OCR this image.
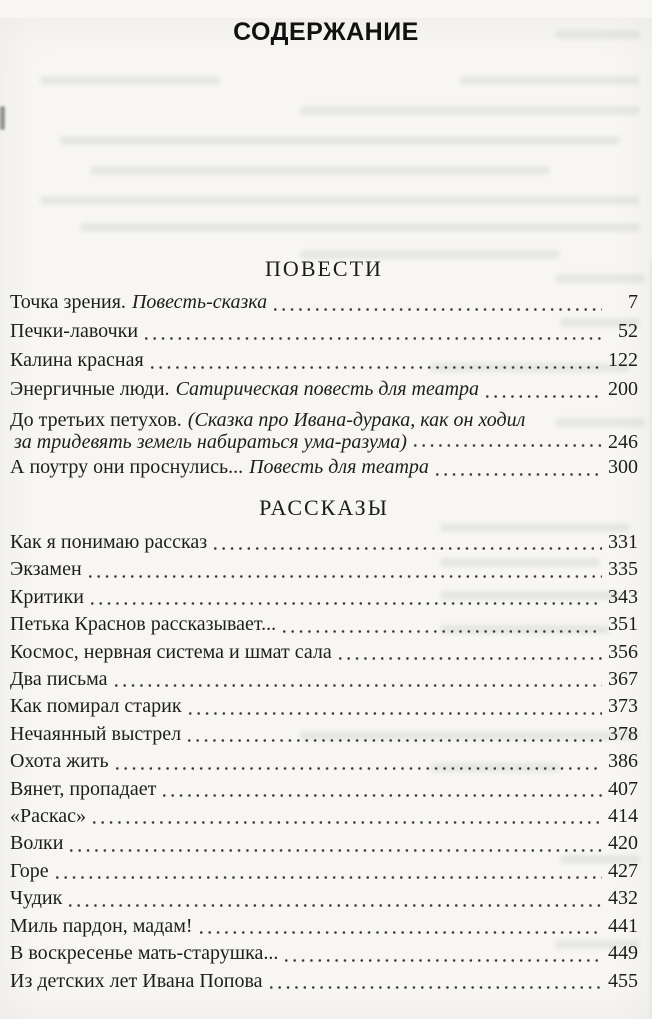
СОДЕРЖАНИЕ
ПОВЕСТИ
Точка зрения. Повесть-сказка	7
Печки-лавочки	52
Калина красная	122
Энергичные люди. Сатирическая повесть для театра	200
До третьих петухов. (Сказка про Ивана-дурака, как он ходил
за тридевять земель набираться ума-разума)	246
А поутру они проснулись... Повесть для театра	300
РАССКАЗЫ
Как я понимаю рассказ	331
Экзамен	335
Критики	343
Петька Краснов рассказывает...	351
Космос, нервная система и шмат сала	356
Два письма	367
Как помирал старик	373
Нечаянный выстрел	378
Охота жить	386
Вянет, пропадает	407
«Раскас»	414
Волки	420
Горе	427
Чудик	432
Миль пардон, мадам!	441
В воскресенье мать-старушка...	449
Из детских лет Ивана Попова	455
